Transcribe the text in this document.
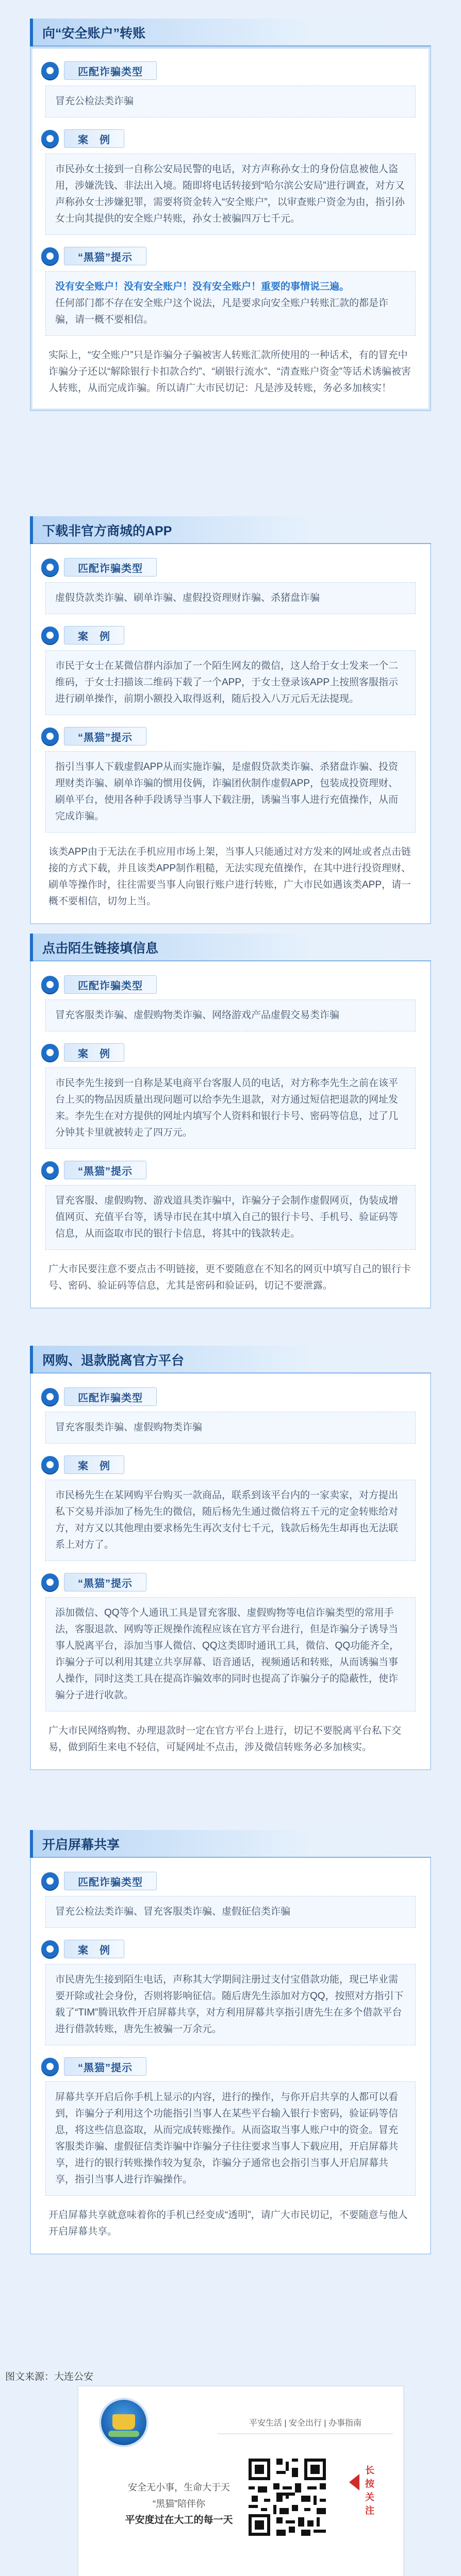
向“安全账户”转账
匹配诈骗类型
冒充公检法类诈骗
案　例
市民孙女士接到一自称公安局民警的电话，对方声称孙女士的身份信息被他人盗用，涉嫌洗钱、非法出入境。随即将电话转接到“哈尔滨公安局”进行调查，对方又声称孙女士涉嫌犯罪，需要将资金转入“安全账户”，以审查账户资金为由，指引孙女士向其提供的安全账户转账，孙女士被骗四万七千元。
“黑猫”提示
没有安全账户！没有安全账户！没有安全账户！重要的事情说三遍。
任何部门都不存在安全账户这个说法，凡是要求向安全账户转账汇款的都是诈骗，请一概不要相信。
实际上，“安全账户”只是诈骗分子骗被害人转账汇款所使用的一种话术，有的冒充中诈骗分子还以“解除银行卡扣款合约”、“刷银行流水”、“清查账户资金”等话术诱骗被害人转账，从而完成诈骗。所以请广大市民切记：凡是涉及转账，务必多加核实！
下载非官方商城的APP
匹配诈骗类型
虚假贷款类诈骗、刷单诈骗、虚假投资理财诈骗、杀猪盘诈骗
案　例
市民于女士在某微信群内添加了一个陌生网友的微信，这人给于女士发来一个二维码，于女士扫描该二维码下载了一个APP，于女士登录该APP上按照客服指示进行刷单操作，前期小额投入取得返利，随后投入八万元后无法提现。
“黑猫”提示
指引当事人下载虚假APP从而实施诈骗，是虚假贷款类诈骗、杀猪盘诈骗、投资理财类诈骗、刷单诈骗的惯用伎俩，诈骗团伙制作虚假APP，包装成投资理财、刷单平台，使用各种手段诱导当事人下载注册，诱骗当事人进行充值操作，从而完成诈骗。
该类APP由于无法在手机应用市场上架，当事人只能通过对方发来的网址或者点击链接的方式下载，并且该类APP制作粗糙，无法实现充值操作，在其中进行投资理财、刷单等操作时，往往需要当事人向银行账户进行转账，广大市民如遇该类APP，请一概不要相信，切勿上当。
点击陌生链接填信息
匹配诈骗类型
冒充客服类诈骗、虚假购物类诈骗、网络游戏产品虚假交易类诈骗
案　例
市民李先生接到一自称是某电商平台客服人员的电话，对方称李先生之前在该平台上买的物品因质量出现问题可以给李先生退款，对方通过短信把退款的网址发来。李先生在对方提供的网址内填写个人资料和银行卡号、密码等信息，过了几分钟其卡里就被转走了四万元。
“黑猫”提示
冒充客服、虚假购物、游戏道具类诈骗中，诈骗分子会制作虚假网页，伪装成增值网页、充值平台等，诱导市民在其中填入自己的银行卡号、手机号、验证码等信息，从而盗取市民的银行卡信息，将其中的钱款转走。
广大市民要注意不要点击不明链接，更不要随意在不知名的网页中填写自己的银行卡号、密码、验证码等信息，尤其是密码和验证码，切记不要泄露。
网购、退款脱离官方平台
匹配诈骗类型
冒充客服类诈骗、虚假购物类诈骗
案　例
市民杨先生在某网购平台购买一款商品，联系到该平台内的一家卖家，对方提出私下交易并添加了杨先生的微信，随后杨先生通过微信将五千元的定金转账给对方，对方又以其他理由要求杨先生再次支付七千元，钱款后杨先生却再也无法联系上对方了。
“黑猫”提示
添加微信、QQ等个人通讯工具是冒充客服、虚假购物等电信诈骗类型的常用手法，客服退款、网购等正规操作流程应该在官方平台进行，但是诈骗分子诱导当事人脱离平台，添加当事人微信、QQ这类即时通讯工具，微信、QQ功能齐全，诈骗分子可以利用其建立共享屏幕、语音通话，视频通话和转账，从而诱骗当事人操作，同时这类工具在提高诈骗效率的同时也提高了诈骗分子的隐蔽性，使诈骗分子进行收款。
广大市民网络购物、办理退款时一定在官方平台上进行，切记不要脱离平台私下交易，做到陌生来电不轻信，可疑网址不点击，涉及微信转账务必多加核实。
开启屏幕共享
匹配诈骗类型
冒充公检法类诈骗、冒充客服类诈骗、虚假征信类诈骗
案　例
市民唐先生接到陌生电话，声称其大学期间注册过支付宝借款功能，现已毕业需要开除或社会身份，否则将影响征信。随后唐先生添加对方QQ，按照对方指引下载了“TIM”腾讯软件开启屏幕共享，对方利用屏幕共享指引唐先生在多个借款平台进行借款转账，唐先生被骗一万余元。
“黑猫”提示
屏幕共享开启后你手机上显示的内容，进行的操作，与你开启共享的人都可以看到，诈骗分子利用这个功能指引当事人在某些平台输入银行卡密码，验证码等信息，将这些信息盗取，从而完成转账操作。从而盗取当事人账户中的资金。冒充客服类诈骗、虚假征信类诈骗中诈骗分子往往要求当事人下载应用，开启屏幕共享，进行的银行转账操作较为复杂，诈骗分子通常也会指引当事人开启屏幕共享，指引当事人进行诈骗操作。
开启屏幕共享就意味着你的手机已经变成“透明”，请广大市民切记，不要随意与他人开启屏幕共享。
图文来源：大连公安
平安生活 | 安全出行 | 办事指南
安全无小事，生命大于天
“黑猫”陪伴你
平安度过在大工的每一天
长按关注
